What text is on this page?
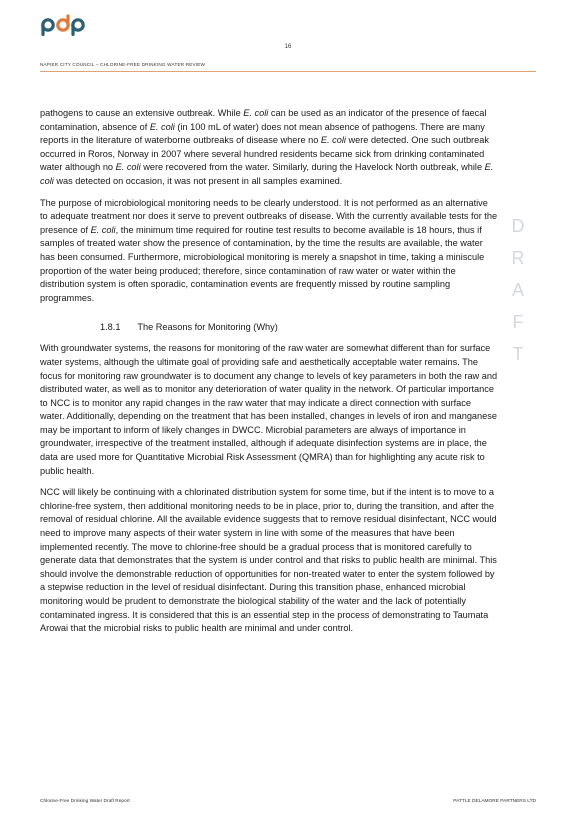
16
NAPIER CITY COUNCIL – CHLORINE-FREE DRINKING WATER REVIEW

pathogens to cause an extensive outbreak. While E. coli can be used as an indicator of the presence of faecal contamination, absence of E. coli (in 100 mL of water) does not mean absence of pathogens. There are many reports in the literature of waterborne outbreaks of disease where no E. coli were detected. One such outbreak occurred in Roros, Norway in 2007 where several hundred residents became sick from drinking contaminated water although no E. coli were recovered from the water. Similarly, during the Havelock North outbreak, while E. coli was detected on occasion, it was not present in all samples examined.

The purpose of microbiological monitoring needs to be clearly understood. It is not performed as an alternative to adequate treatment nor does it serve to prevent outbreaks of disease. With the currently available tests for the presence of E. coli, the minimum time required for routine test results to become available is 18 hours, thus if samples of treated water show the presence of contamination, by the time the results are available, the water has been consumed. Furthermore, microbiological monitoring is merely a snapshot in time, taking a miniscule proportion of the water being produced; therefore, since contamination of raw water or water within the distribution system is often sporadic, contamination events are frequently missed by routine sampling programmes.

1.8.1 The Reasons for Monitoring (Why)

With groundwater systems, the reasons for monitoring of the raw water are somewhat different than for surface water systems, although the ultimate goal of providing safe and aesthetically acceptable water remains. The focus for monitoring raw groundwater is to document any change to levels of key parameters in both the raw and distributed water, as well as to monitor any deterioration of water quality in the network. Of particular importance to NCC is to monitor any rapid changes in the raw water that may indicate a direct connection with surface water. Additionally, depending on the treatment that has been installed, changes in levels of iron and manganese may be important to inform of likely changes in DWCC. Microbial parameters are always of importance in groundwater, irrespective of the treatment installed, although if adequate disinfection systems are in place, the data are used more for Quantitative Microbial Risk Assessment (QMRA) than for highlighting any acute risk to public health.

NCC will likely be continuing with a chlorinated distribution system for some time, but if the intent is to move to a chlorine-free system, then additional monitoring needs to be in place, prior to, during the transition, and after the removal of residual chlorine. All the available evidence suggests that to remove residual disinfectant, NCC would need to improve many aspects of their water system in line with some of the measures that have been implemented recently. The move to chlorine-free should be a gradual process that is monitored carefully to generate data that demonstrates that the system is under control and that risks to public health are minimal. This should involve the demonstrable reduction of opportunities for non-treated water to enter the system followed by a stepwise reduction in the level of residual disinfectant. During this transition phase, enhanced microbial monitoring would be prudent to demonstrate the biological stability of the water and the lack of potentially contaminated ingress. It is considered that this is an essential step in the process of demonstrating to Taumata Arowai that the microbial risks to public health are minimal and under control.

D
R
A
F
T
Chlorine-Free Drinking Water Draft Report	PATTLE DELAMORE PARTNERS LTD
